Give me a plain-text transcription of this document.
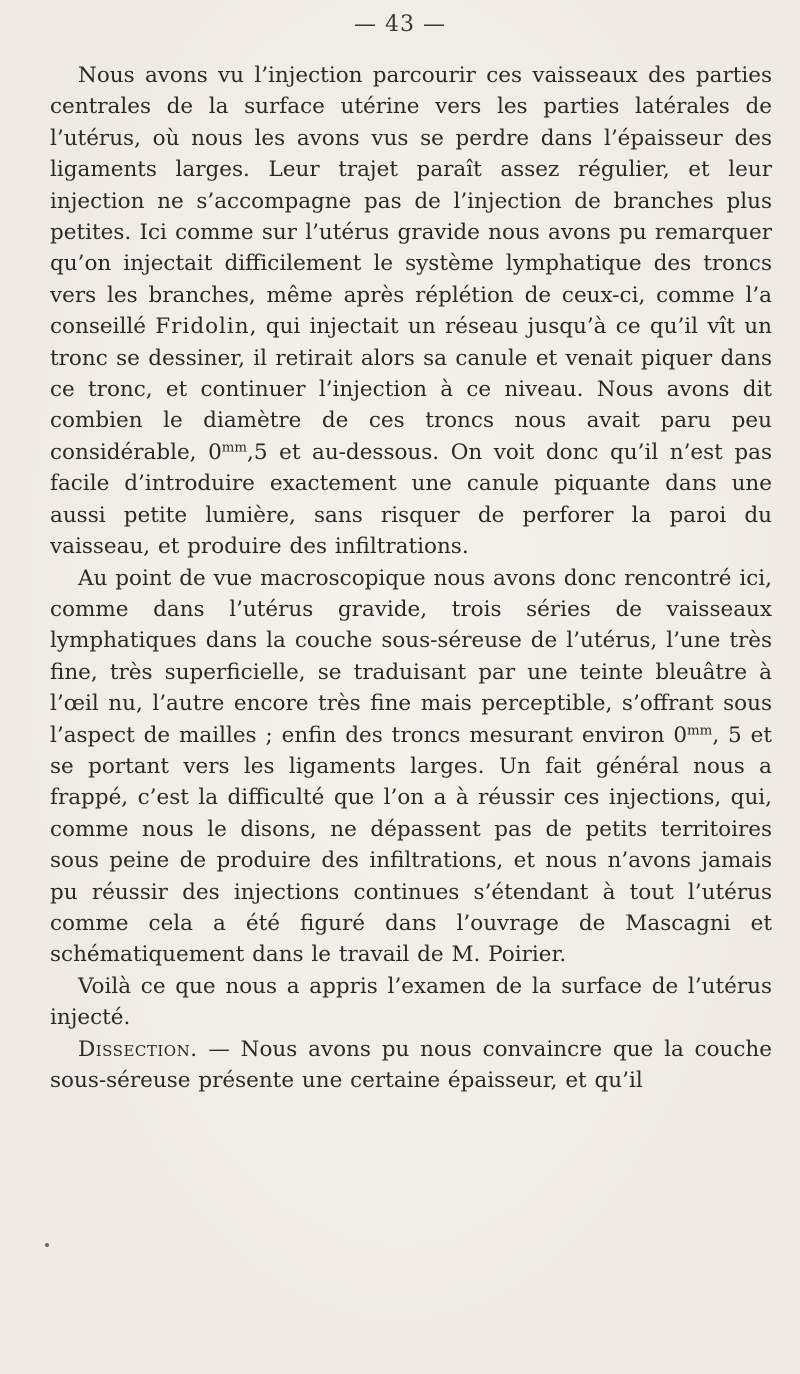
— 43 —

Nous avons vu l’injection parcourir ces vaisseaux des parties centrales de la surface utérine vers les parties latérales de l’utérus, où nous les avons vus se perdre dans l’épaisseur des ligaments larges. Leur trajet paraît assez régulier, et leur injection ne s’accompagne pas de l’injection de branches plus petites. Ici comme sur l’utérus gravide nous avons pu remarquer qu’on injectait difficilement le système lymphatique des troncs vers les branches, même après réplétion de ceux-ci, comme l’a conseillé Fridolin, qui injectait un réseau jusqu’à ce qu’il vît un tronc se dessiner, il retirait alors sa canule et venait piquer dans ce tronc, et continuer l’injection à ce niveau. Nous avons dit combien le diamètre de ces troncs nous avait paru peu considérable, $0^{mm},5$ et au-dessous. On voit donc qu’il n’est pas facile d’introduire exactement une canule piquante dans une aussi petite lumière, sans risquer de perforer la paroi du vaisseau, et produire des infiltrations.

Au point de vue macroscopique nous avons donc rencontré ici, comme dans l’utérus gravide, trois séries de vaisseaux lymphatiques dans la couche sous-séreuse de l’utérus, l’une très fine, très superficielle, se traduisant par une teinte bleuâtre à l’œil nu, l’autre encore très fine mais perceptible, s’offrant sous l’aspect de mailles ; enfin des troncs mesurant environ $0^{mm}$, 5 et se portant vers les ligaments larges. Un fait général nous a frappé, c’est la difficulté que l’on a à réussir ces injections, qui, comme nous le disons, ne dépassent pas de petits territoires sous peine de produire des infiltrations, et nous n’avons jamais pu réussir des injections continues s’étendant à tout l’utérus comme cela a été figuré dans l’ouvrage de Mascagni et schématiquement dans le travail de M. Poirier.

Voilà ce que nous a appris l’examen de la surface de l’utérus injecté.

Dissection. — Nous avons pu nous convaincre que la couche sous-séreuse présente une certaine épaisseur, et qu’il
